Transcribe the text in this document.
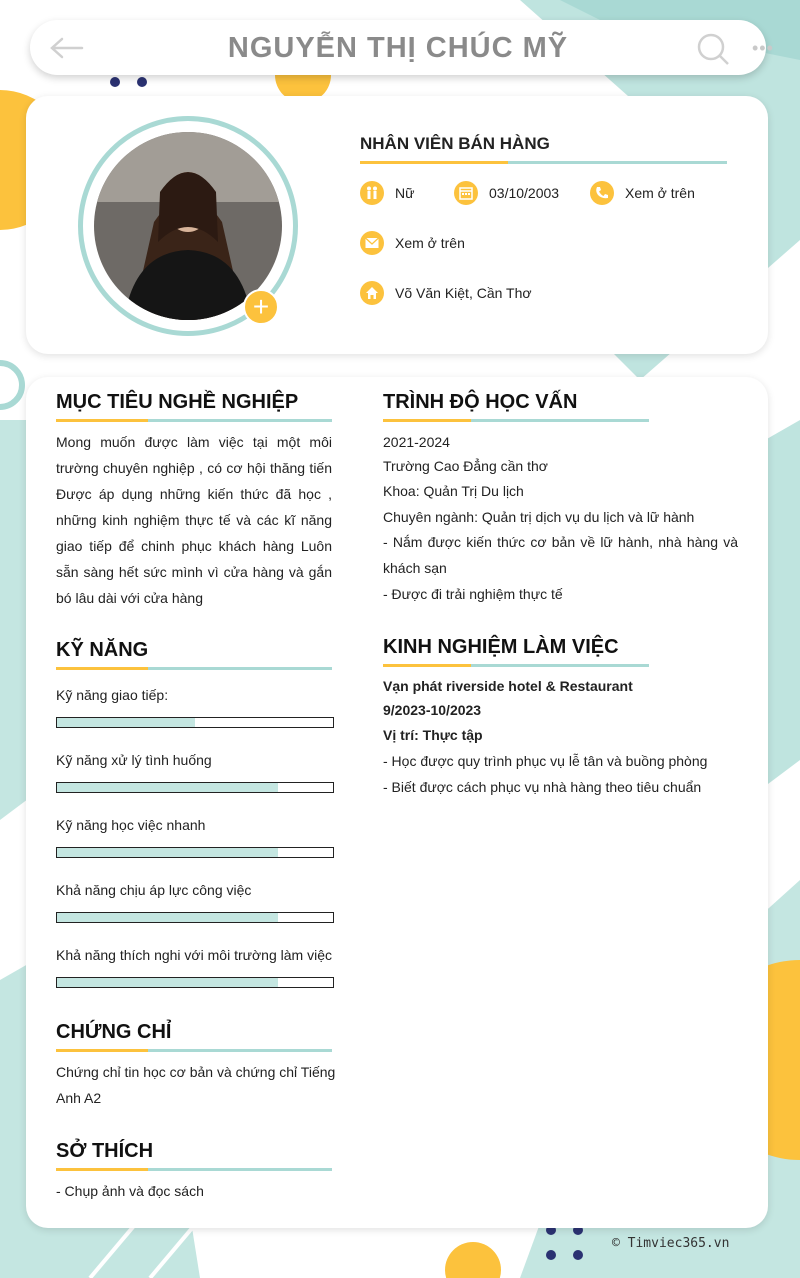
NGUYỄN THỊ CHÚC MỸ	•••
+
NHÂN VIÊN BÁN HÀNG
Nữ	03/10/2003	Xem ở trên
Xem ở trên
Võ Văn Kiệt, Cần Thơ
MỤC TIÊU NGHỀ NGHIỆP
Mong muốn được làm việc tại một môi trường chuyên nghiệp , có cơ hội thăng tiến Được áp dụng những kiến thức đã học , những kinh nghiệm thực tế và các kĩ năng giao tiếp để chinh phục khách hàng Luôn sẵn sàng hết sức mình vì cửa hàng và gắn bó lâu dài với cửa hàng
KỸ NĂNG
Kỹ năng giao tiếp:
Kỹ năng xử lý tình huống
Kỹ năng học việc nhanh
Khả năng chịu áp lực công việc
Khả năng thích nghi với môi trường làm việc
CHỨNG CHỈ
Chứng chỉ tin học cơ bản và chứng chỉ Tiếng Anh A2
SỞ THÍCH
- Chụp ảnh và đọc sách
TRÌNH ĐỘ HỌC VẤN
2021-2024
Trường Cao Đẳng cần thơ
Khoa: Quản Trị Du lịch
Chuyên ngành: Quản trị dịch vụ du lịch và lữ hành
- Nắm được kiến thức cơ bản về lữ hành, nhà hàng và khách sạn
- Được đi trải nghiệm thực tế
KINH NGHIỆM LÀM VIỆC
Vạn phát riverside hotel & Restaurant
9/2023-10/2023
Vị trí: Thực tập
- Học được quy trình phục vụ lễ tân và buồng phòng
- Biết được cách phục vụ nhà hàng theo tiêu chuẩn
© Timviec365.vn
